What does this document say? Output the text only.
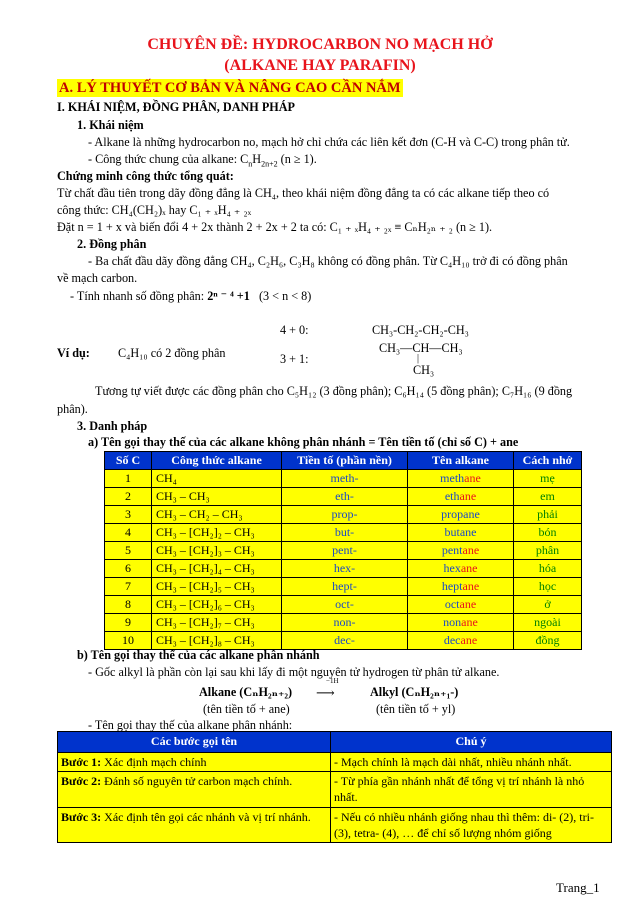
CHUYÊN ĐỀ: HYDROCARBON NO MẠCH HỞ
(ALKANE HAY PARAFIN)
A. LÝ THUYẾT CƠ BẢN VÀ NÂNG CAO CẦN NẮM
I. KHÁI NIỆM, ĐỒNG PHÂN, DANH PHÁP
1. Khái niệm
- Alkane là những hydrocarbon no, mạch hở chỉ chứa các liên kết đơn (C-H và C-C) trong phân tử.
- Công thức chung của alkane: $C_nH_{2n+2}$ (n ≥ 1).
Chứng minh công thức tổng quát:
Từ chất đầu tiên trong dãy đồng đẳng là CH₄, theo khái niệm đồng đẳng ta có các alkane tiếp theo có
công thức: CH₄(CH₂)ₓ hay C₁ ₊ ₓH₄ ₊ ₂ₓ
Đặt n = 1 + x và biến đổi 4 + 2x thành 2 + 2x + 2 ta có: C₁ ₊ ₓH₄ ₊ ₂ₓ ≡ CₙH₂ₙ ₊ ₂ (n ≥ 1).
2. Đồng phân
- Ba chất đầu dãy đồng đẳng CH₄, C₂H₆, C₃H₈ không có đồng phân. Từ C₄H₁₀ trở đi có đồng phân
về mạch carbon.
- Tính nhanh số đồng phân: 2ⁿ ⁻ ⁴ +1 (3 < n < 8)
Ví dụ: C₄H₁₀ có 2 đồng phân
4 + 0:	CH₃-CH₂-CH₂-CH₃
3 + 1:
CH₃—CH—CH₃
|
CH₃
Tương tự viết được các đồng phân cho C₅H₁₂ (3 đồng phân); C₆H₁₄ (5 đồng phân); C₇H₁₆ (9 đồng
phân).
3. Danh pháp
a) Tên gọi thay thế của các alkane không phân nhánh = Tên tiền tố (chỉ số C) + ane
Số C	Công thức alkane	Tiền tố (phần nền)	Tên alkane	Cách nhớ
1	CH₄	meth-	methane	mẹ
2	CH₃ – CH₃	eth-	ethane	em
3	CH₃ – CH₂ – CH₃	prop-	propane	phải
4	CH₃ – [CH₂]₂ – CH₃	but-	butane	bón
5	CH₃ – [CH₂]₃ – CH₃	pent-	pentane	phân
6	CH₃ – [CH₂]₄ – CH₃	hex-	hexane	hóa
7	CH₃ – [CH₂]₅ – CH₃	hept-	heptane	học
8	CH₃ – [CH₂]₆ – CH₃	oct-	octane	ở
9	CH₃ – [CH₂]₇ – CH₃	non-	nonane	ngoài
10	CH₃ – [CH₂]₈ – CH₃	dec-	decane	đồng
b) Tên gọi thay thế của các alkane phân nhánh
- Gốc alkyl là phần còn lại sau khi lấy đi một nguyên tử hydrogen từ phân tử alkane.
Alkane (CₙH₂ₙ₊₂)
−1H
⟶	Alkyl (CₙH₂ₙ₊₁-)
(tên tiền tố + ane)	(tên tiền tố + yl)
- Tên gọi thay thế của alkane phân nhánh:
Các bước gọi tên	Chú ý
Bước 1: Xác định mạch chính	- Mạch chính là mạch dài nhất, nhiều nhánh nhất.
Bước 2: Đánh số nguyên tử carbon mạch chính.	- Từ phía gần nhánh nhất để tổng vị trí nhánh là nhỏ nhất.
Bước 3: Xác định tên gọi các nhánh và vị trí nhánh.	- Nếu có nhiều nhánh giống nhau thì thêm: di- (2), tri- (3), tetra- (4), … để chỉ số lượng nhóm giống
Trang_1
